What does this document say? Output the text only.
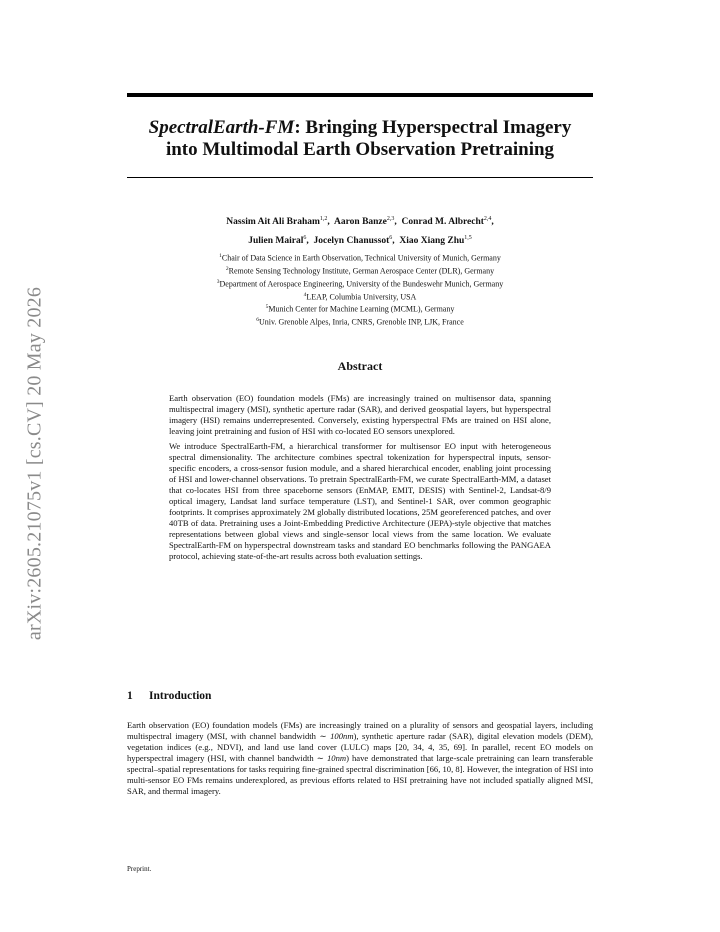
arXiv:2605.21075v1 [cs.CV] 20 May 2026
SpectralEarth-FM: Bringing Hyperspectral Imagery
into Multimodal Earth Observation Pretraining
Nassim Ait Ali Braham$^{1,2}$,  Aaron Banze$^{2,3}$,  Conrad M. Albrecht$^{2,4}$,
Julien Mairal$^6$,  Jocelyn Chanussot$^6$,  Xiao Xiang Zhu$^{1,5}$
$^1$Chair of Data Science in Earth Observation, Technical University of Munich, Germany
$^2$Remote Sensing Technology Institute, German Aerospace Center (DLR), Germany
$^3$Department of Aerospace Engineering, University of the Bundeswehr Munich, Germany
$^4$LEAP, Columbia University, USA
$^5$Munich Center for Machine Learning (MCML), Germany
$^6$Univ. Grenoble Alpes, Inria, CNRS, Grenoble INP, LJK, France
Abstract

Earth observation (EO) foundation models (FMs) are increasingly trained on multisensor data, spanning multispectral imagery (MSI), synthetic aperture radar (SAR), and derived geospatial layers, but hyperspectral imagery (HSI) remains underrepresented. Conversely, existing hyperspectral FMs are trained on HSI alone, leaving joint pretraining and fusion of HSI with co-located EO sensors unexplored.

We introduce SpectralEarth-FM, a hierarchical transformer for multisensor EO input with heterogeneous spectral dimensionality. The architecture combines spectral tokenization for hyperspectral inputs, sensor-specific encoders, a cross-sensor fusion module, and a shared hierarchical encoder, enabling joint processing of HSI and lower-channel observations. To pretrain SpectralEarth-FM, we curate SpectralEarth-MM, a dataset that co-locates HSI from three spaceborne sensors (EnMAP, EMIT, DESIS) with Sentinel-2, Landsat-8/9 optical imagery, Landsat land surface temperature (LST), and Sentinel-1 SAR, over common geographic footprints. It comprises approximately 2M globally distributed locations, 25M georeferenced patches, and over 40TB of data. Pretraining uses a Joint-Embedding Predictive Architecture (JEPA)-style objective that matches representations between global views and single-sensor local views from the same location. We evaluate SpectralEarth-FM on hyperspectral downstream tasks and standard EO benchmarks following the PANGAEA protocol, achieving state-of-the-art results across both evaluation settings.

1 Introduction

Earth observation (EO) foundation models (FMs) are increasingly trained on a plurality of sensors and geospatial layers, including multispectral imagery (MSI, with channel bandwidth ∼ 100nm), synthetic aperture radar (SAR), digital elevation models (DEM), vegetation indices (e.g., NDVI), and land use land cover (LULC) maps [20, 34, 4, 35, 69]. In parallel, recent EO models on hyperspectral imagery (HSI, with channel bandwidth ∼ 10nm) have demonstrated that large-scale pretraining can learn transferable spectral–spatial representations for tasks requiring fine-grained spectral discrimination [66, 10, 8]. However, the integration of HSI into multi-sensor EO FMs remains underexplored, as previous efforts related to HSI pretraining have not included spatially aligned MSI, SAR, and thermal imagery.

Preprint.
